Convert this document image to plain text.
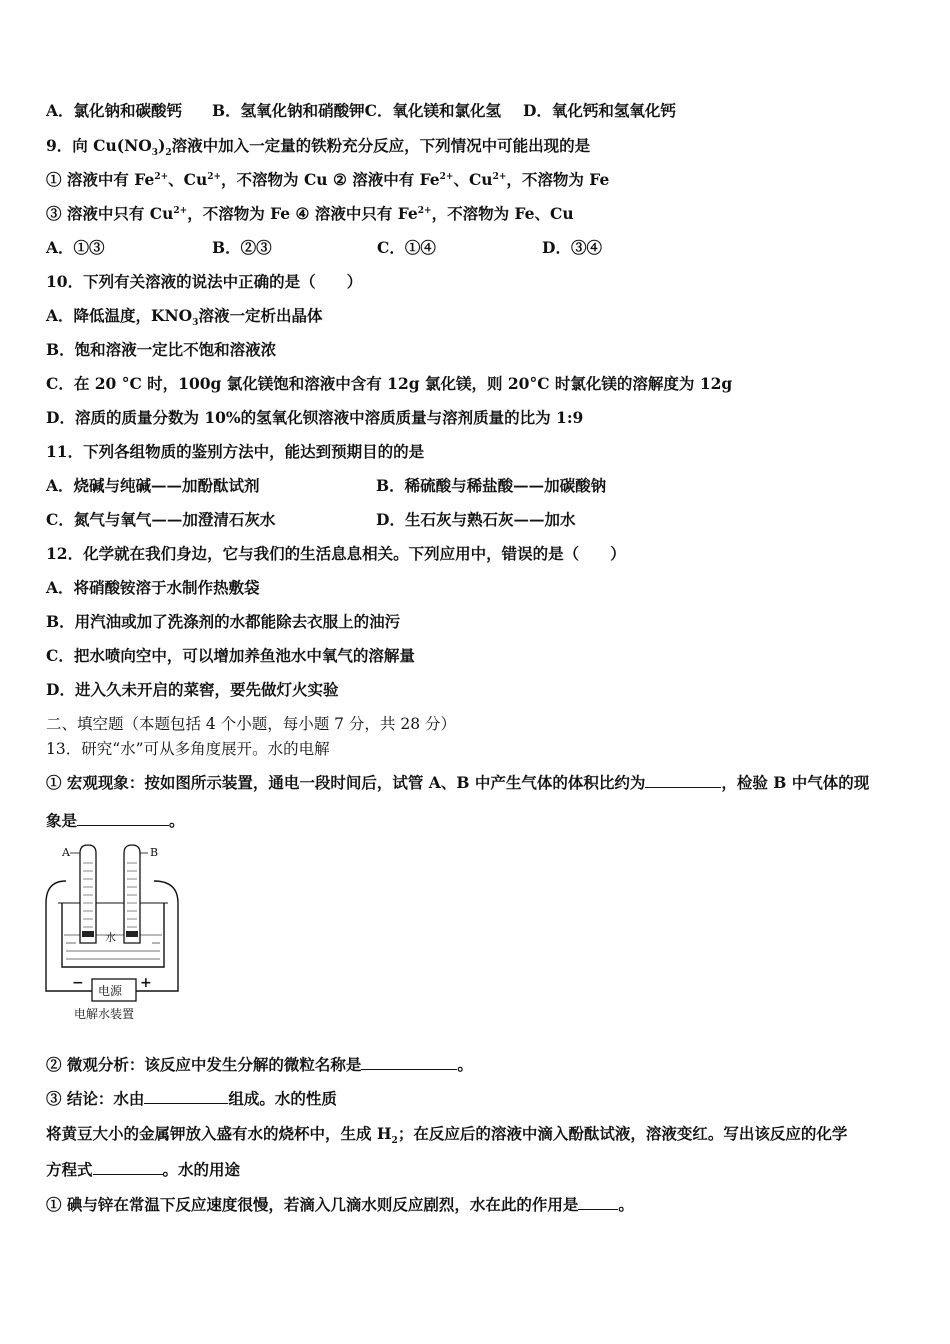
A．氯化钠和碳酸钙 B．氢氧化钠和硝酸钾C．氧化镁和氯化氢 D．氧化钙和氢氧化钙
9．向 $Cu(NO_3)_2$溶液中加入一定量的铁粉充分反应，下列情况中可能出现的是
① 溶液中有 $Fe^{2+}$、$Cu^{2+}$，不溶物为 Cu ② 溶液中有 $Fe^{2+}$、$Cu^{2+}$，不溶物为 Fe
③ 溶液中只有 $Cu^{2+}$，不溶物为 Fe ④ 溶液中只有 $Fe^{2+}$，不溶物为 Fe、Cu
A．①③	B．②③	C．①④	D．③④
10．下列有关溶液的说法中正确的是（　　）
A．降低温度，$KNO_3$溶液一定析出晶体
B．饱和溶液一定比不饱和溶液浓
C．在 20 °C 时，100g 氯化镁饱和溶液中含有 12g 氯化镁，则 20°C 时氯化镁的溶解度为 12g
D．溶质的质量分数为 10%的氢氧化钡溶液中溶质质量与溶剂质量的比为 1:9
11．下列各组物质的鉴别方法中，能达到预期目的的是
A．烧碱与纯碱——加酚酞试剂	B．稀硫酸与稀盐酸——加碳酸钠
C．氮气与氧气——加澄清石灰水	D．生石灰与熟石灰——加水
12．化学就在我们身边，它与我们的生活息息相关。下列应用中，错误的是（　　）
A．将硝酸铵溶于水制作热敷袋
B．用汽油或加了洗涤剂的水都能除去衣服上的油污
C．把水喷向空中，可以增加养鱼池水中氧气的溶解量
D．进入久未开启的菜窖，要先做灯火实验
二、填空题（本题包括 4 个小题，每小题 7 分，共 28 分）
13．研究“水”可从多角度展开。水的电解
① 宏观现象：按如图所示装置，通电一段时间后，试管 A、B 中产生气体的体积比约为	，检验 B 中气体的现
象是	。
A	B
水
−	+
电源
电解水装置
② 微观分析：该反应中发生分解的微粒名称是	。
③ 结论：水由	组成。水的性质
将黄豆大小的金属钾放入盛有水的烧杯中，生成 $H_2$；在反应后的溶液中滴入酚酞试液，溶液变红。写出该反应的化学
方程式	。水的用途
① 碘与锌在常温下反应速度很慢，若滴入几滴水则反应剧烈，水在此的作用是	。
